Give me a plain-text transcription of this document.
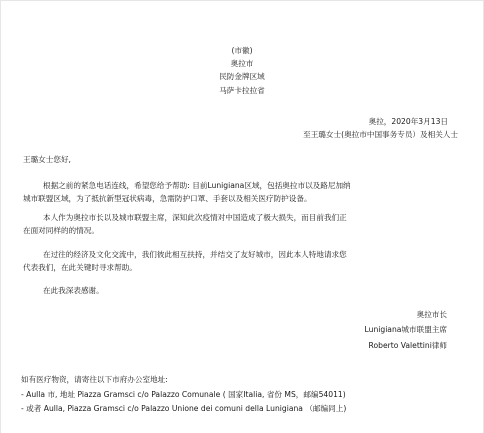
(市徽)
奥拉市
民防金牌区域
马萨卡拉拉省
奥拉，2020年3月13日
至王璐女士(奥拉市中国事务专员）及相关人士
王璐女士您好,
根据之前的紧急电话连线，希望您给予帮助: 目前Lunigiana区域，包括奥拉市以及路尼加纳
城市联盟区域，为了抵抗新型冠状病毒，急需防护口罩、手套以及相关医疗防护设备。
本人作为奥拉市长以及城市联盟主席，深知此次疫情对中国造成了极大损失，而目前我们正
在面对同样的的情况。
在过往的经济及文化交流中，我们彼此相互扶持，并结交了友好城市，因此本人特地请求您
代表我们，在此关键时寻求帮助。
在此我深表感谢。
奥拉市长
Lunigiana城市联盟主席
Roberto Valettini律师
如有医疗物资，请寄往以下市府办公室地址:
- Aulla 市, 地址 Piazza Gramsci c/o Palazzo Comunale ( 国家Italia, 省份 MS，邮编54011)
- 或者 Aulla, Piazza Gramsci c/o Palazzo Unione dei comuni della Lunigiana （邮编同上)
